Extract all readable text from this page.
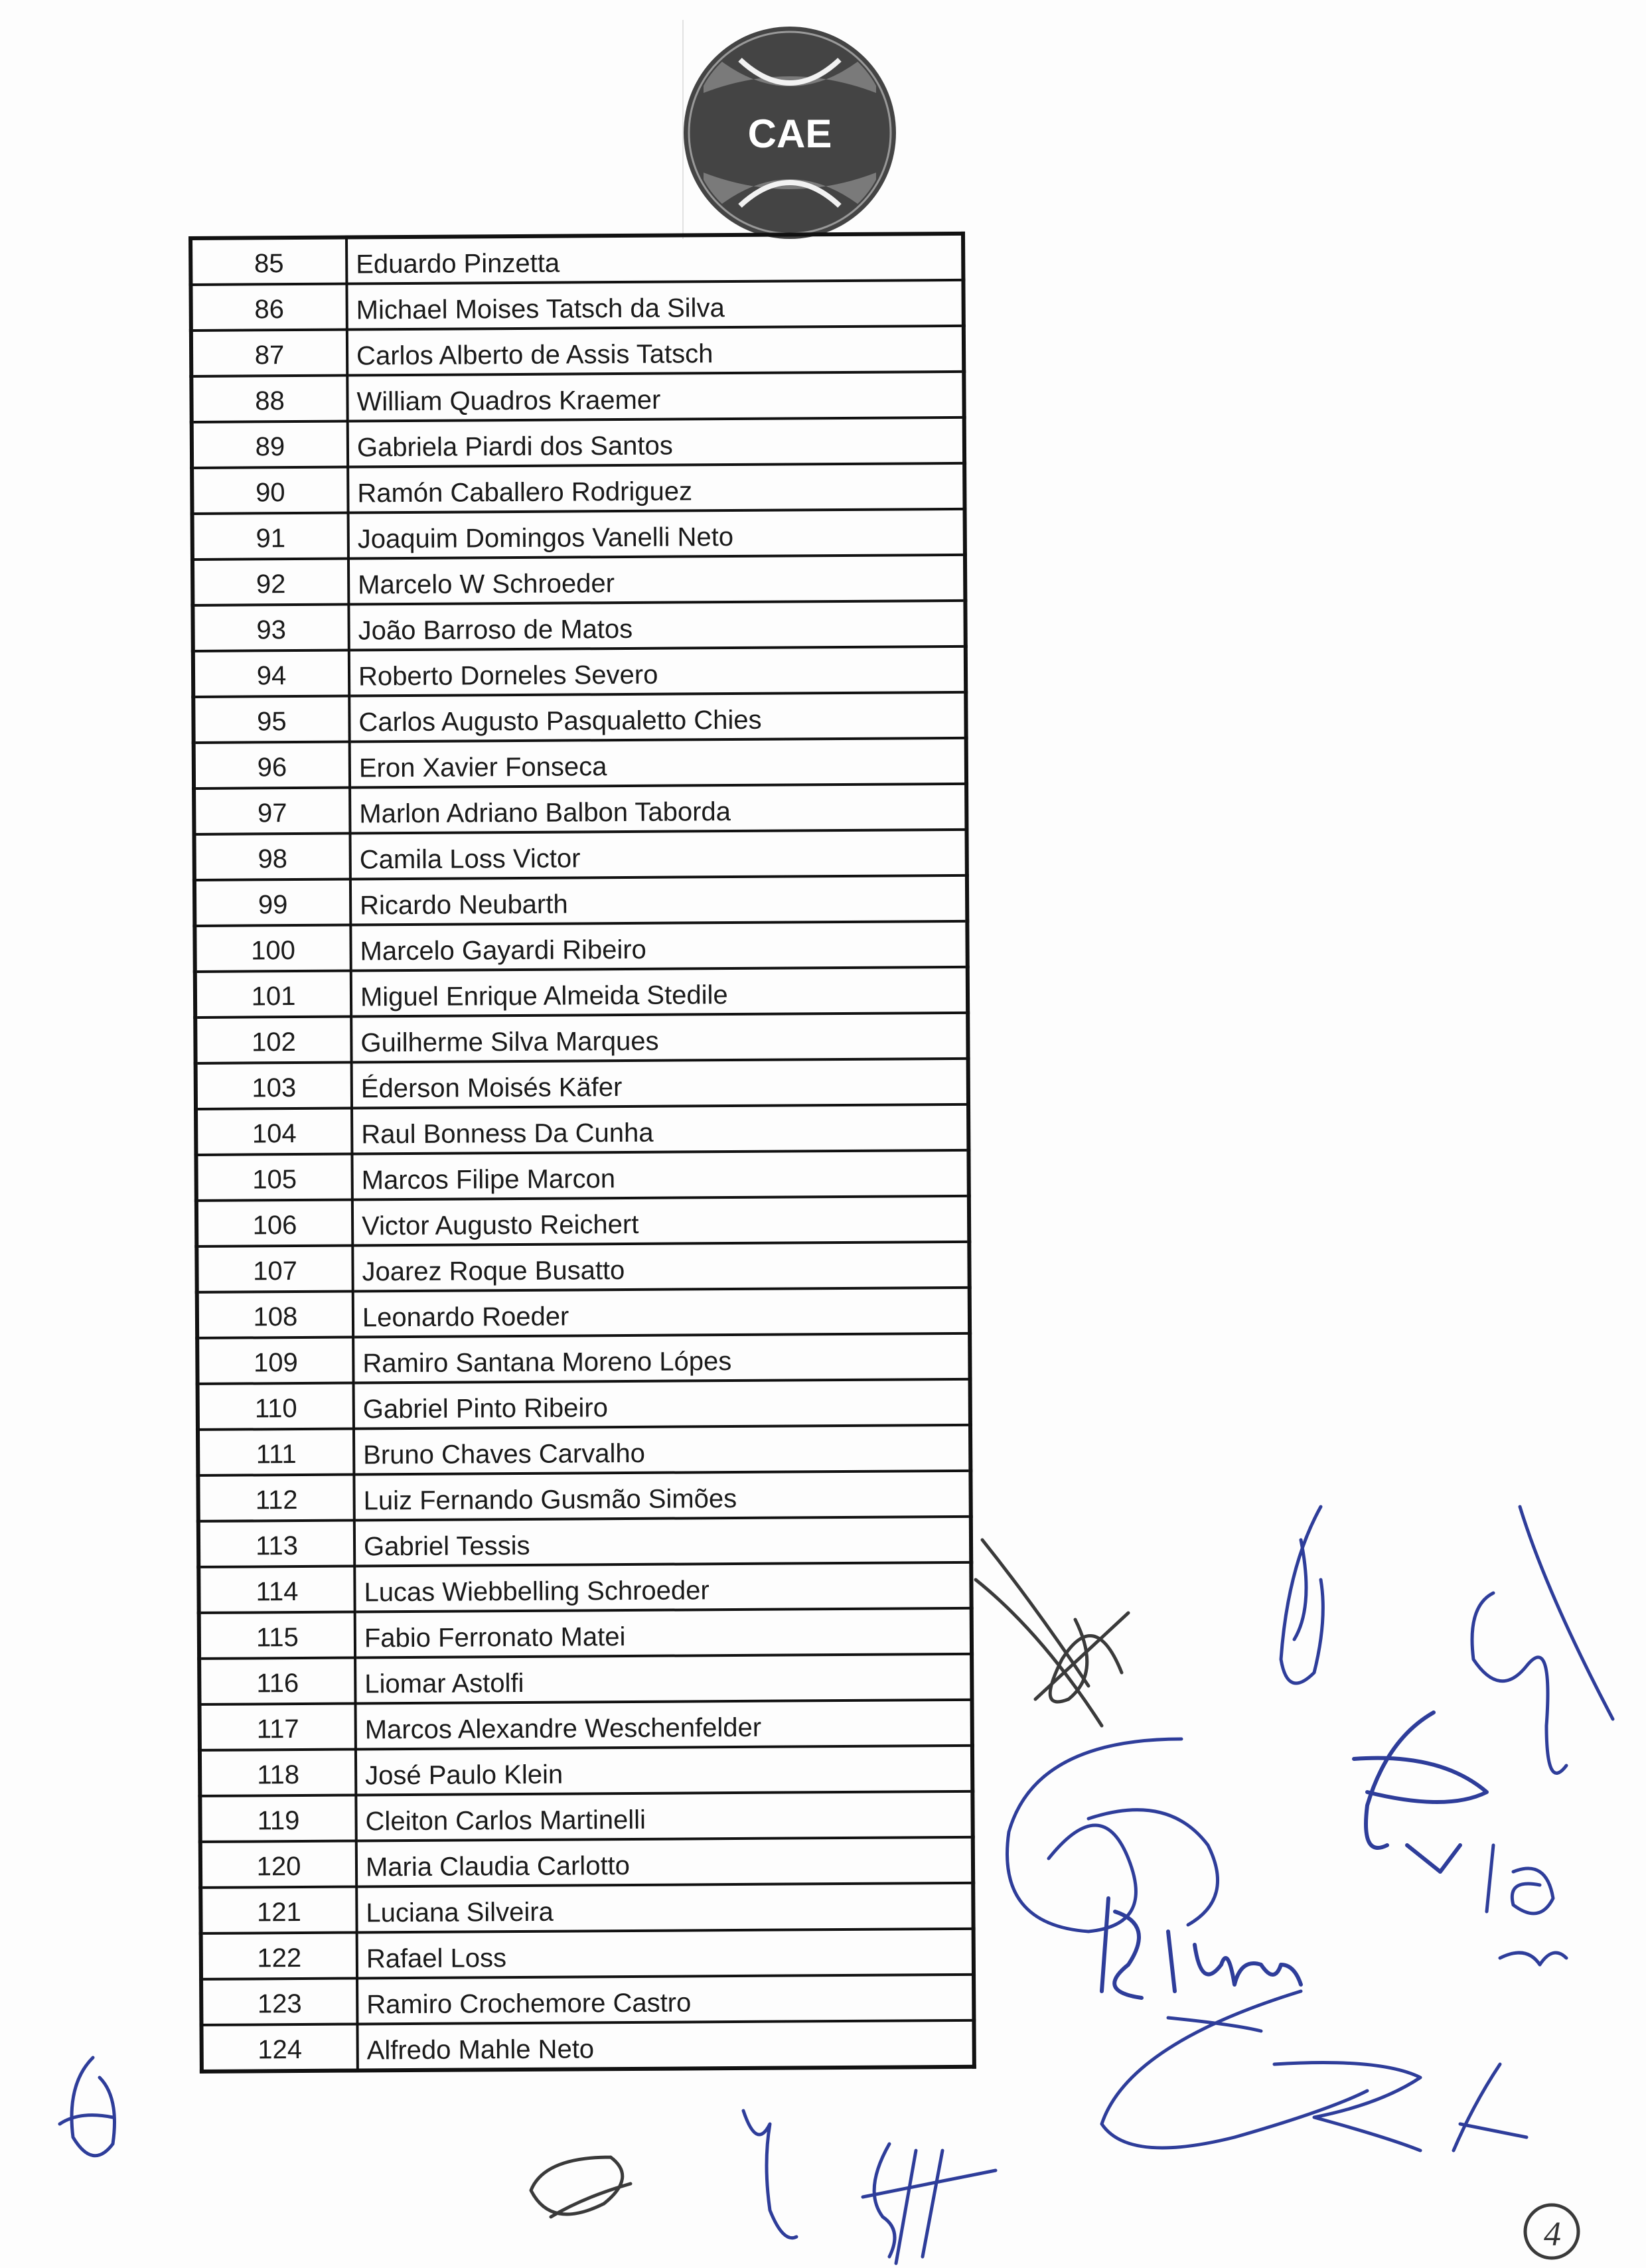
CAE
85	Eduardo Pinzetta
86	Michael Moises Tatsch da Silva
87	Carlos Alberto de Assis Tatsch
88	William Quadros Kraemer
89	Gabriela Piardi dos Santos
90	Ramón Caballero Rodriguez
91	Joaquim Domingos Vanelli Neto
92	Marcelo W Schroeder
93	João Barroso de Matos
94	Roberto Dorneles Severo
95	Carlos Augusto Pasqualetto Chies
96	Eron Xavier Fonseca
97	Marlon Adriano Balbon Taborda
98	Camila Loss Victor
99	Ricardo Neubarth
100	Marcelo Gayardi Ribeiro
101	Miguel Enrique Almeida Stedile
102	Guilherme Silva Marques
103	Éderson Moisés Käfer
104	Raul Bonness Da Cunha
105	Marcos Filipe Marcon
106	Victor Augusto Reichert
107	Joarez Roque Busatto
108	Leonardo Roeder
109	Ramiro Santana Moreno Lópes
110	Gabriel Pinto Ribeiro
111	Bruno Chaves Carvalho
112	Luiz Fernando Gusmão Simões
113	Gabriel Tessis
114	Lucas Wiebbelling Schroeder
115	Fabio Ferronato Matei
116	Liomar Astolfi
117	Marcos Alexandre Weschenfelder
118	José Paulo Klein
119	Cleiton Carlos Martinelli
120	Maria Claudia Carlotto
121	Luciana Silveira
122	Rafael Loss
123	Ramiro Crochemore Castro
124	Alfredo Mahle Neto
4
